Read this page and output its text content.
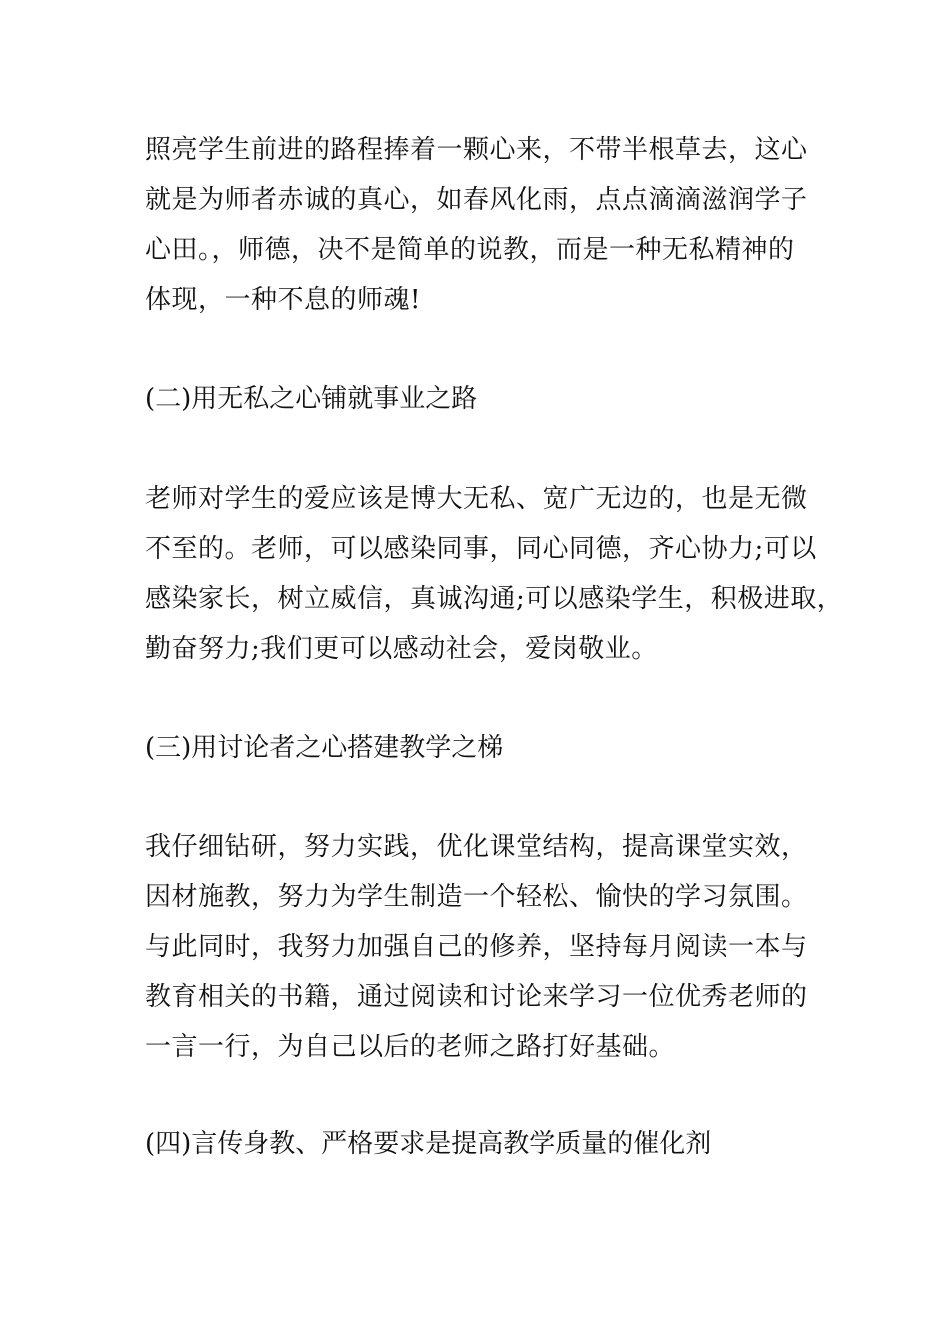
照亮学生前进的路程捧着一颗心来，不带半根草去，这心
就是为师者赤诚的真心，如春风化雨，点点滴滴滋润学子
心田。，师德，决不是简单的说教，而是一种无私精神的
体现，一种不息的师魂!
(二)用无私之心铺就事业之路
老师对学生的爱应该是博大无私、宽广无边的，也是无微
不至的。老师，可以感染同事，同心同德，齐心协力;可以
感染家长，树立威信，真诚沟通;可以感染学生，积极进取，
勤奋努力;我们更可以感动社会，爱岗敬业。
(三)用讨论者之心搭建教学之梯
我仔细钻研，努力实践，优化课堂结构，提高课堂实效，
因材施教，努力为学生制造一个轻松、愉快的学习氛围。
与此同时，我努力加强自己的修养，坚持每月阅读一本与
教育相关的书籍，通过阅读和讨论来学习一位优秀老师的
一言一行，为自己以后的老师之路打好基础。
(四)言传身教、严格要求是提高教学质量的催化剂
